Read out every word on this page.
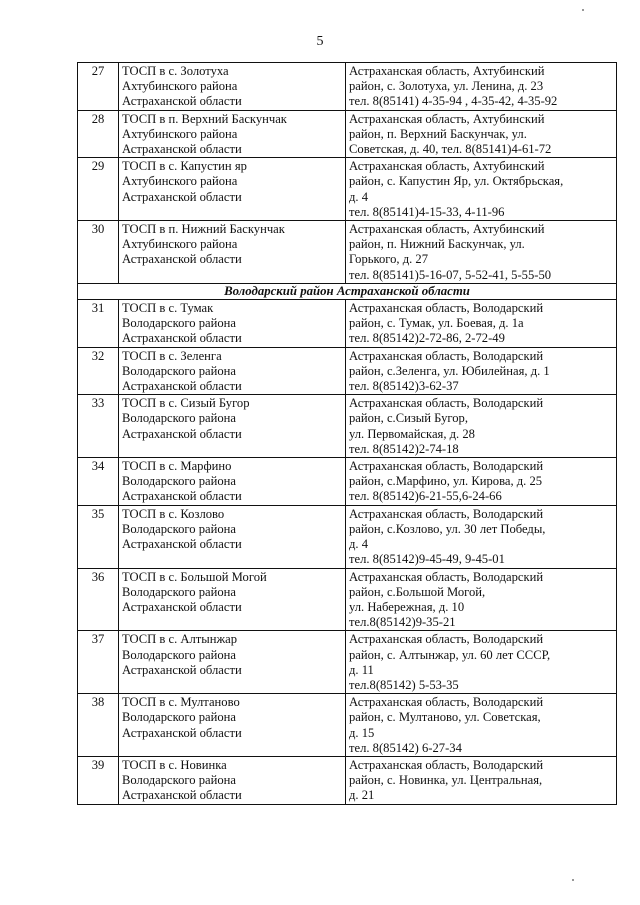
5
27	ТОСП в с. Золотуха
Ахтубинского района
Астраханской области	Астраханская область, Ахтубинский
район, с. Золотуха, ул. Ленина, д. 23
тел. 8(85141) 4-35-94 , 4-35-42, 4-35-92

28	ТОСП в п. Верхний Баскунчак
Ахтубинского района
Астраханской области	Астраханская область, Ахтубинский
район, п. Верхний Баскунчак, ул.
Советская, д. 40, тел. 8(85141)4-61-72

29	ТОСП в с. Капустин яр
Ахтубинского района
Астраханской области	Астраханская область, Ахтубинский
район, с. Капустин Яр, ул. Октябрьская,
д. 4
тел. 8(85141)4-15-33, 4-11-96

30	ТОСП в п. Нижний Баскунчак
Ахтубинского района
Астраханской области	Астраханская область, Ахтубинский
район, п. Нижний Баскунчак, ул.
Горького, д. 27
тел. 8(85141)5-16-07, 5-52-41, 5-55-50

Володарский район Астраханской области		
31	ТОСП в с. Тумак
Володарского района
Астраханской области	Астраханская область, Володарский
район, с. Тумак, ул. Боевая, д. 1а
тел. 8(85142)2-72-86, 2-72-49

32	ТОСП в с. Зеленга
Володарского района
Астраханской области	Астраханская область, Володарский
район, с.Зеленга, ул. Юбилейная, д. 1
тел. 8(85142)3-62-37

33	ТОСП в с. Сизый Бугор
Володарского района
Астраханской области	Астраханская область, Володарский
район, с.Сизый Бугор,
ул. Первомайская, д. 28
тел. 8(85142)2-74-18

34	ТОСП в с. Марфино
Володарского района
Астраханской области	Астраханская область, Володарский
район, с.Марфино, ул. Кирова, д. 25
тел. 8(85142)6-21-55,6-24-66

35	ТОСП в с. Козлово
Володарского района
Астраханской области	Астраханская область, Володарский
район, с.Козлово, ул. 30 лет Победы,
д. 4
тел. 8(85142)9-45-49, 9-45-01

36	ТОСП в с. Большой Могой
Володарского района
Астраханской области	Астраханская область, Володарский
район, с.Большой Могой,
ул. Набережная, д. 10
тел.8(85142)9-35-21

37	ТОСП в с. Алтынжар
Володарского района
Астраханской области	Астраханская область, Володарский
район, с. Алтынжар, ул. 60 лет СССР,
д. 11
тел.8(85142) 5-53-35

38	ТОСП в с. Мултаново
Володарского района
Астраханской области	Астраханская область, Володарский
район, с. Мултаново, ул. Советская,
д. 15
тел. 8(85142) 6-27-34

39	ТОСП в с. Новинка
Володарского района
Астраханской области	Астраханская область, Володарский
район, с. Новинка, ул. Центральная,
д. 21
